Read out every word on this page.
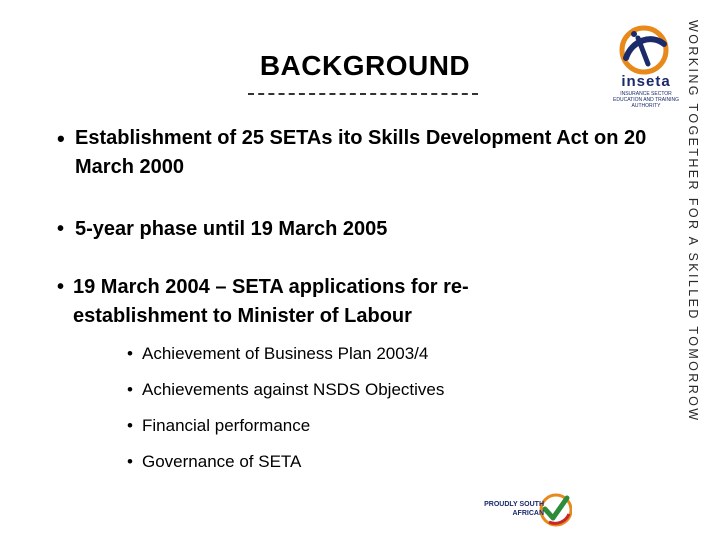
BACKGROUND
inseta
INSURANCE SECTOR EDUCATION AND TRAINING AUTHORITY	WORKING TOGETHER FOR A SKILLED TOMORROW
• Establishment of 25 SETAs ito Skills Development Act on 20 March 2000
• 5-year phase until 19 March 2005
• 19 March 2004 – SETA applications for re-establishment to Minister of Labour
• Achievement of Business Plan 2003/4
• Achievements against NSDS Objectives
• Financial performance
• Governance of SETA
PROUDLY SOUTH AFRICAN
